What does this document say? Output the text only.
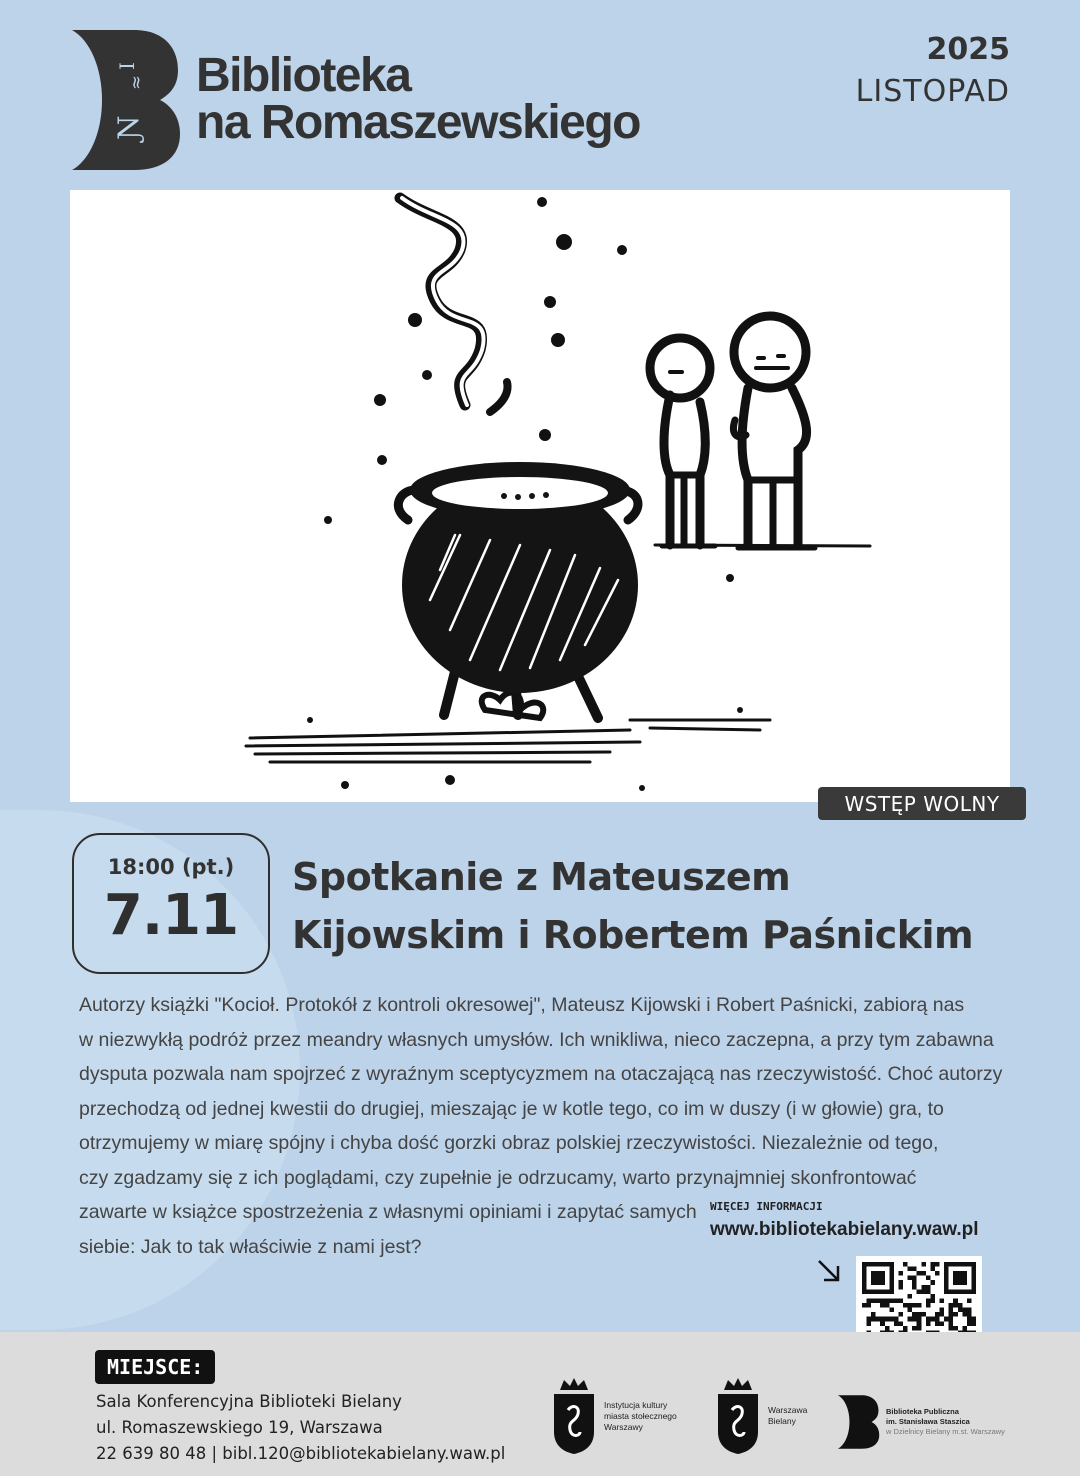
I
≈
Ɲ
Biblioteka
na Romaszewskiego
2025
LISTOPAD
WSTĘP WOLNY
18:00 (pt.)
7.11
Spotkanie z Mateuszem
Kijowskim i Robertem Paśnickim
Autorzy książki "Kocioł. Protokół z kontroli okresowej", Mateusz Kijowski i Robert Paśnicki, zabiorą nas
w niezwykłą podróż przez meandry własnych umysłów. Ich wnikliwa, nieco zaczepna, a przy tym zabawna
dysputa pozwala nam spojrzeć z wyraźnym sceptycyzmem na otaczającą nas rzeczywistość. Choć autorzy
przechodzą od jednej kwestii do drugiej, mieszając je w kotle tego, co im w duszy (i w głowie) gra, to
otrzymujemy w miarę spójny i chyba dość gorzki obraz polskiej rzeczywistości. Niezależnie od tego,
czy zgadzamy się z ich poglądami, czy zupełnie je odrzucamy, warto przynajmniej skonfrontować
zawarte w książce spostrzeżenia z własnymi opiniami i zapytać samych
siebie: Jak to tak właściwie z nami jest?
WIĘCEJ INFORMACJI
www.bibliotekabielany.waw.pl
MIEJSCE:
Sala Konferencyjna Biblioteki Bielany
ul. Romaszewskiego 19, Warszawa
22 639 80 48 | bibl.120@bibliotekabielany.waw.pl
Instytucja kultury
miasta stołecznego
Warszawy
Warszawa
Bielany
Biblioteka Publiczna
im. Stanisława Staszica
w Dzielnicy Bielany m.st. Warszawy
